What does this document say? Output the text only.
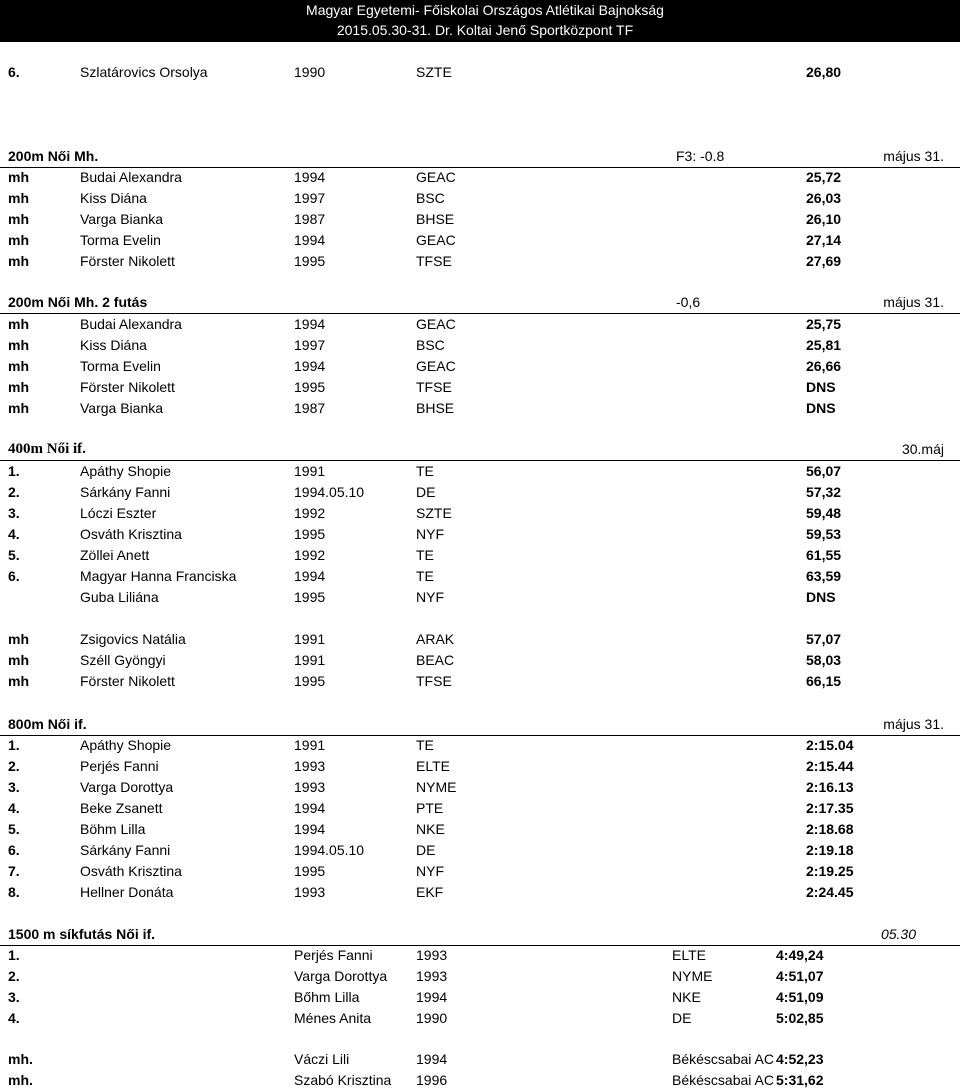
Magyar Egyetemi- Főiskolai Országos Atlétikai Bajnokság
2015.05.30-31. Dr. Koltai Jenő Sportközpont TF
6.	Szlatárovics Orsolya	1990	SZTE	26,80
200m Női Mh.	F3: -0.8	május 31.
mh	Budai Alexandra	1994	GEAC	25,72
mh	Kiss Diána	1997	BSC	26,03
mh	Varga Bianka	1987	BHSE	26,10
mh	Torma Evelin	1994	GEAC	27,14
mh	Förster Nikolett	1995	TFSE	27,69
200m Női Mh. 2 futás	-0,6	május 31.
mh	Budai Alexandra	1994	GEAC	25,75
mh	Kiss Diána	1997	BSC	25,81
mh	Torma Evelin	1994	GEAC	26,66
mh	Förster Nikolett	1995	TFSE	DNS
mh	Varga Bianka	1987	BHSE	DNS
400m Női if.	30.máj
1.	Apáthy Shopie	1991	TE	56,07
2.	Sárkány Fanni	1994.05.10	DE	57,32
3.	Lóczi Eszter	1992	SZTE	59,48
4.	Osváth Krisztina	1995	NYF	59,53
5.	Zöllei Anett	1992	TE	61,55
6.	Magyar Hanna Franciska	1994	TE	63,59
Guba Liliána	1995	NYF	DNS
mh	Zsigovics Natália	1991	ARAK	57,07
mh	Széll Gyöngyi	1991	BEAC	58,03
mh	Förster Nikolett	1995	TFSE	66,15
800m Női if.	május 31.
1.	Apáthy Shopie	1991	TE	2:15.04
2.	Perjés Fanni	1993	ELTE	2:15.44
3.	Varga Dorottya	1993	NYME	2:16.13
4.	Beke Zsanett	1994	PTE	2:17.35
5.	Böhm Lilla	1994	NKE	2:18.68
6.	Sárkány Fanni	1994.05.10	DE	2:19.18
7.	Osváth Krisztina	1995	NYF	2:19.25
8.	Hellner Donáta	1993	EKF	2:24.45
1500 m síkfutás Női if.	05.30
1.	Perjés Fanni	1993	ELTE	4:49,24
2.	Varga Dorottya 1993	NYME	4:51,07
3.	Bőhm Lilla	1994	NKE	4:51,09
4.	Ménes Anita	1990	DE	5:02,85
mh.	Váczi Lili	1994	Békéscsabai AC 4:52,23
mh.	Szabó Krisztina 1996	Békéscsabai AC 5:31,62
